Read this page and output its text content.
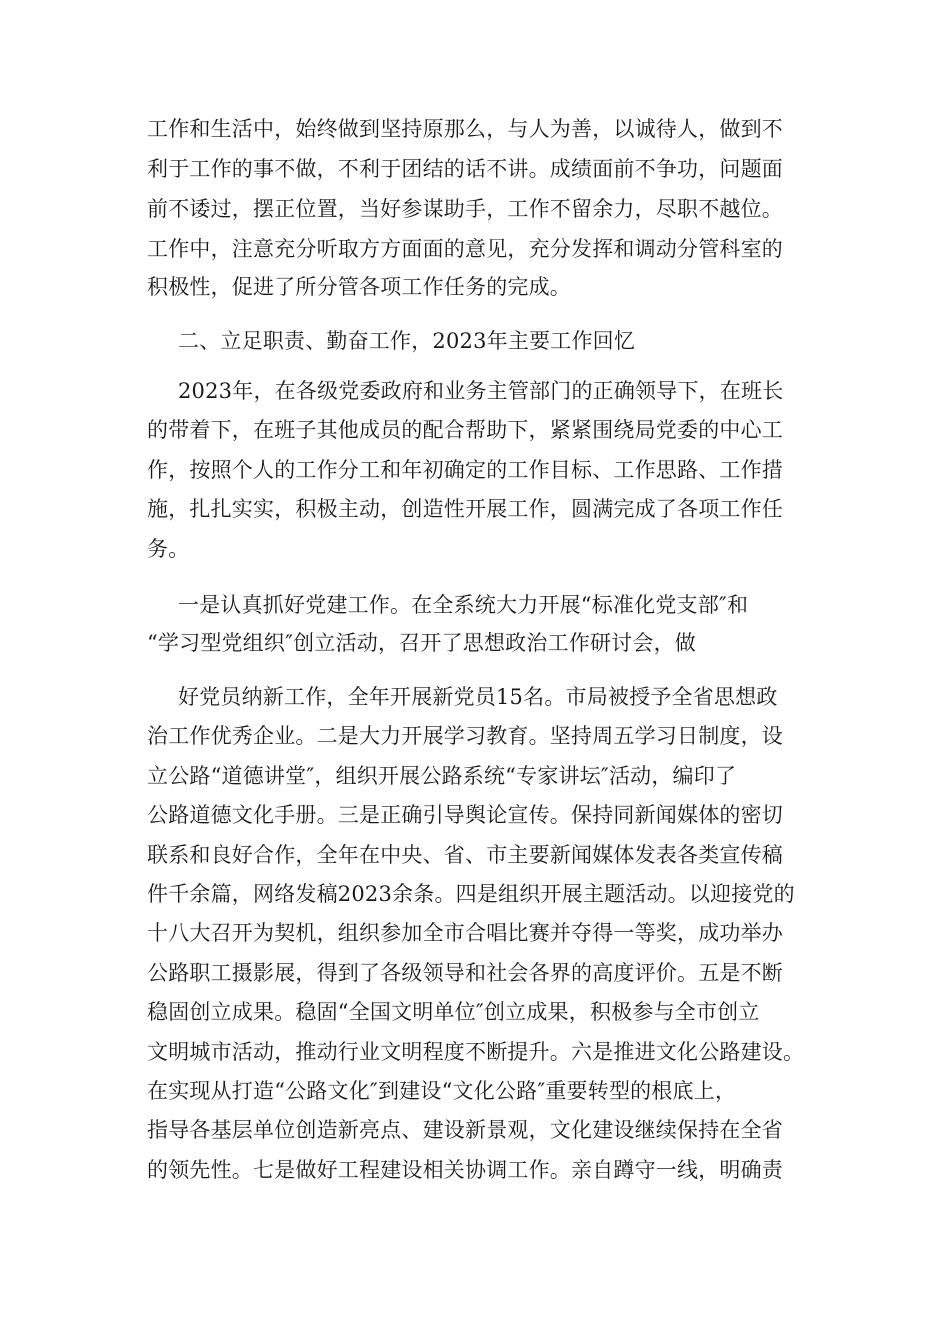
工作和生活中，始终做到坚持原那么，与人为善，以诚待人，做到不
利于工作的事不做，不利于团结的话不讲。成绩面前不争功，问题面
前不诿过，摆正位置，当好参谋助手，工作不留余力，尽职不越位。
工作中，注意充分听取方方面面的意见，充分发挥和调动分管科室的
积极性，促进了所分管各项工作任务的完成。
二、立足职责、勤奋工作，2023年主要工作回忆
2023年，在各级党委政府和业务主管部门的正确领导下，在班长
的带着下，在班子其他成员的配合帮助下，紧紧围绕局党委的中心工
作，按照个人的工作分工和年初确定的工作目标、工作思路、工作措
施，扎扎实实，积极主动，创造性开展工作，圆满完成了各项工作任
务。
一是认真抓好党建工作。在全系统大力开展“标准化党支部″和
“学习型党组织″创立活动，召开了思想政治工作研讨会，做
好党员纳新工作，全年开展新党员15名。市局被授予全省思想政
治工作优秀企业。二是大力开展学习教育。坚持周五学习日制度，设
立公路“道德讲堂″，组织开展公路系统“专家讲坛″活动，编印了
公路道德文化手册。三是正确引导舆论宣传。保持同新闻媒体的密切
联系和良好合作，全年在中央、省、市主要新闻媒体发表各类宣传稿
件千余篇，网络发稿2023余条。四是组织开展主题活动。以迎接党的
十八大召开为契机，组织参加全市合唱比赛并夺得一等奖，成功举办
公路职工摄影展，得到了各级领导和社会各界的高度评价。五是不断
稳固创立成果。稳固“全国文明单位″创立成果，积极参与全市创立
文明城市活动，推动行业文明程度不断提升。六是推进文化公路建设。
在实现从打造“公路文化″到建设“文化公路″重要转型的根底上，
指导各基层单位创造新亮点、建设新景观，文化建设继续保持在全省
的领先性。七是做好工程建设相关协调工作。亲自蹲守一线，明确责
